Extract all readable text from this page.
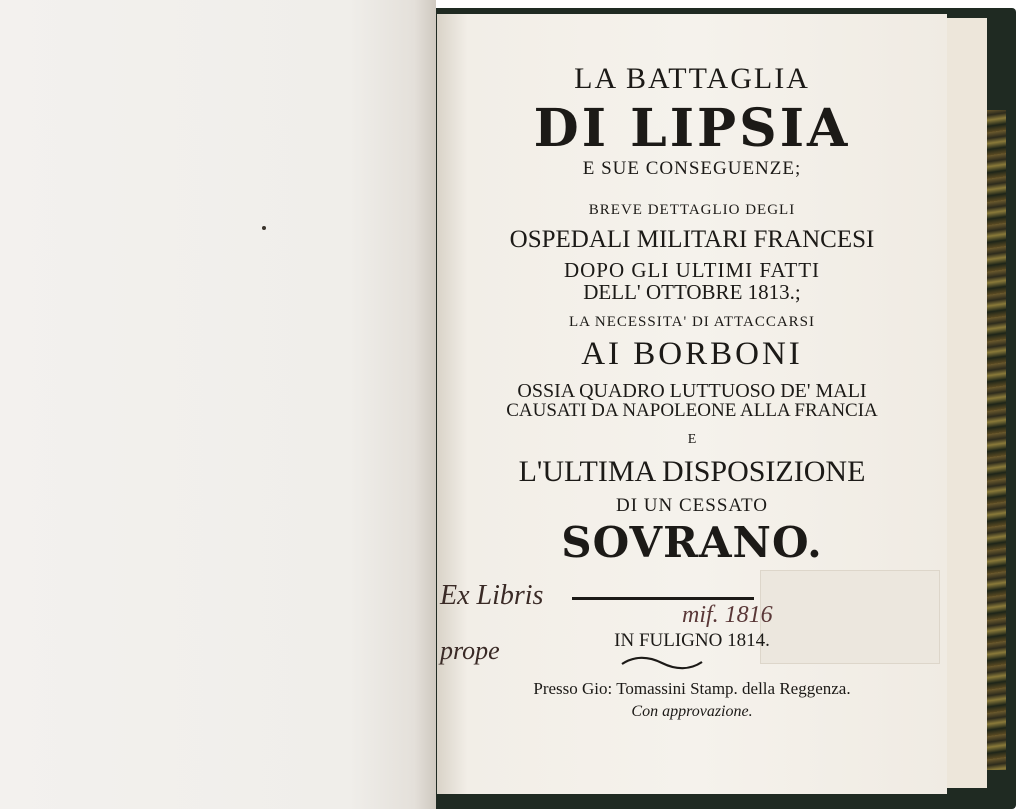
LA BATTAGLIA
DI LIPSIA
E SUE CONSEGUENZE;
BREVE DETTAGLIO DEGLI
OSPEDALI MILITARI FRANCESI
DOPO GLI ULTIMI FATTI
DELL' OTTOBRE 1813.;
LA NECESSITA' DI ATTACCARSI
AI BORBONI
OSSIA QUADRO LUTTUOSO DE' MALI
CAUSATI DA NAPOLEONE ALLA FRANCIA
E
L'ULTIMA DISPOSIZIONE
DI UN CESSATO
SOVRANO.
IN FULIGNO 1814.
Presso Gio: Tomassini Stamp. della Reggenza.
Con approvazione.
Ex Libris
prope
mif. 1816
